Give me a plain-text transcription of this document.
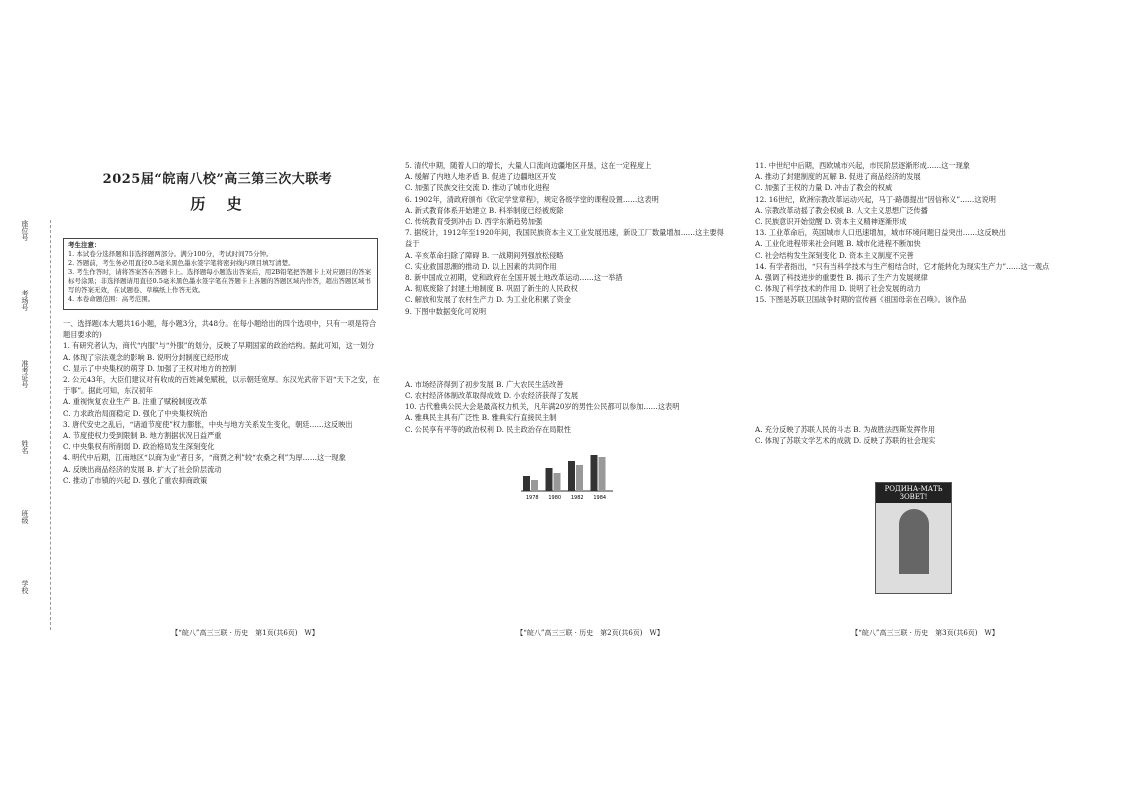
座位号
考场号
准考证号
姓名
班级
学校
2025届“皖南八校”高三第三次大联考
历 史
考生注意：
1. 本试卷分选择题和非选择题两部分。满分100分，考试时间75分钟。
2. 答题前，考生务必用直径0.5毫米黑色墨水签字笔将密封线内项目填写清楚。
3. 考生作答时，请将答案答在答题卡上。选择题每小题选出答案后，用2B铅笔把答题卡上对应题目的答案标号涂黑；非选择题请用直径0.5毫米黑色墨水签字笔在答题卡上各题的答题区域内作答，超出答题区域书写的答案无效，在试题卷、草稿纸上作答无效。
4. 本卷命题范围：高考范围。

一、选择题(本大题共16小题，每小题3分，共48分。在每小题给出的四个选项中，只有一项是符合题目要求的)

1. 有研究者认为，商代“内服”与“外服”的划分，反映了早期国家的政治结构。据此可知，这一划分

A. 体现了宗法观念的影响 B. 说明分封制度已经形成

C. 显示了中央集权的萌芽 D. 加强了王权对地方的控制

2. 公元43年，大臣们建议对有收成的百姓减免赋税，以示朝廷宽厚。东汉光武帝下诏“天下之安，在于事”。据此可知，东汉初年

A. 重视恢复农业生产 B. 注重了赋税制度改革

C. 力求政治局面稳定 D. 强化了中央集权统治

3. 唐代安史之乱后，“诸道节度使”权力膨胀，中央与地方关系发生变化，朝廷……这反映出

A. 节度使权力受到限制 B. 地方割据状况日益严重

C. 中央集权有所削弱 D. 政治格局发生深刻变化

4. 明代中后期，江南地区“以商为业”者日多，“商贾之利”较“农桑之利”为厚……这一现象

A. 反映出商品经济的发展 B. 扩大了社会阶层流动

C. 推动了市镇的兴起 D. 强化了重农抑商政策

5. 清代中期，随着人口的增长，大量人口流向边疆地区开垦，这在一定程度上

A. 缓解了内地人地矛盾 B. 促进了边疆地区开发

C. 加强了民族交往交流 D. 推动了城市化进程

6. 1902年，清政府颁布《钦定学堂章程》，规定各级学堂的课程设置……这表明

A. 新式教育体系开始建立 B. 科举制度已经被废除

C. 传统教育受到冲击 D. 西学东渐趋势加强

7. 据统计，1912年至1920年间，我国民族资本主义工业发展迅速，新设工厂数量增加……这主要得益于

A. 辛亥革命扫除了障碍 B. 一战期间列强放松侵略

C. 实业救国思潮的推动 D. 以上因素的共同作用

8. 新中国成立初期，党和政府在全国开展土地改革运动……这一举措

A. 彻底废除了封建土地制度 B. 巩固了新生的人民政权

C. 解放和发展了农村生产力 D. 为工业化积累了资金

9. 下图中数据变化可说明

A. 市场经济得到了初步发展 B. 广大农民生活改善

C. 农村经济体制改革取得成效 D. 小农经济获得了发展

10. 古代雅典公民大会是最高权力机关，凡年满20岁的男性公民都可以参加……这表明

A. 雅典民主具有广泛性 B. 雅典实行直接民主制

C. 公民享有平等的政治权利 D. 民主政治存在局限性

11. 中世纪中后期，西欧城市兴起，市民阶层逐渐形成……这一现象

A. 推动了封建制度的瓦解 B. 促进了商品经济的发展

C. 加强了王权的力量 D. 冲击了教会的权威

12. 16世纪，欧洲宗教改革运动兴起，马丁·路德提出“因信称义”……这说明

A. 宗教改革动摇了教会权威 B. 人文主义思想广泛传播

C. 民族意识开始觉醒 D. 资本主义精神逐渐形成

13. 工业革命后，英国城市人口迅速增加，城市环境问题日益突出……这反映出

A. 工业化进程带来社会问题 B. 城市化进程不断加快

C. 社会结构发生深刻变化 D. 资本主义制度不完善

14. 有学者指出，“只有当科学技术与生产相结合时，它才能转化为现实生产力”……这一观点

A. 强调了科技进步的重要性 B. 揭示了生产力发展规律

C. 体现了科学技术的作用 D. 说明了社会发展的动力

15. 下图是苏联卫国战争时期的宣传画《祖国母亲在召唤》。该作品

A. 充分反映了苏联人民的斗志 B. 为战胜法西斯发挥作用

C. 体现了苏联文学艺术的成就 D. 反映了苏联的社会现实

1978 1980 1982 1984
РОДИНА-МАТЬ ЗОВЕТ!
【“皖八”高三三联 · 历史　第1页(共6页)　W】	【“皖八”高三三联 · 历史　第2页(共6页)　W】	【“皖八”高三三联 · 历史　第3页(共6页)　W】
